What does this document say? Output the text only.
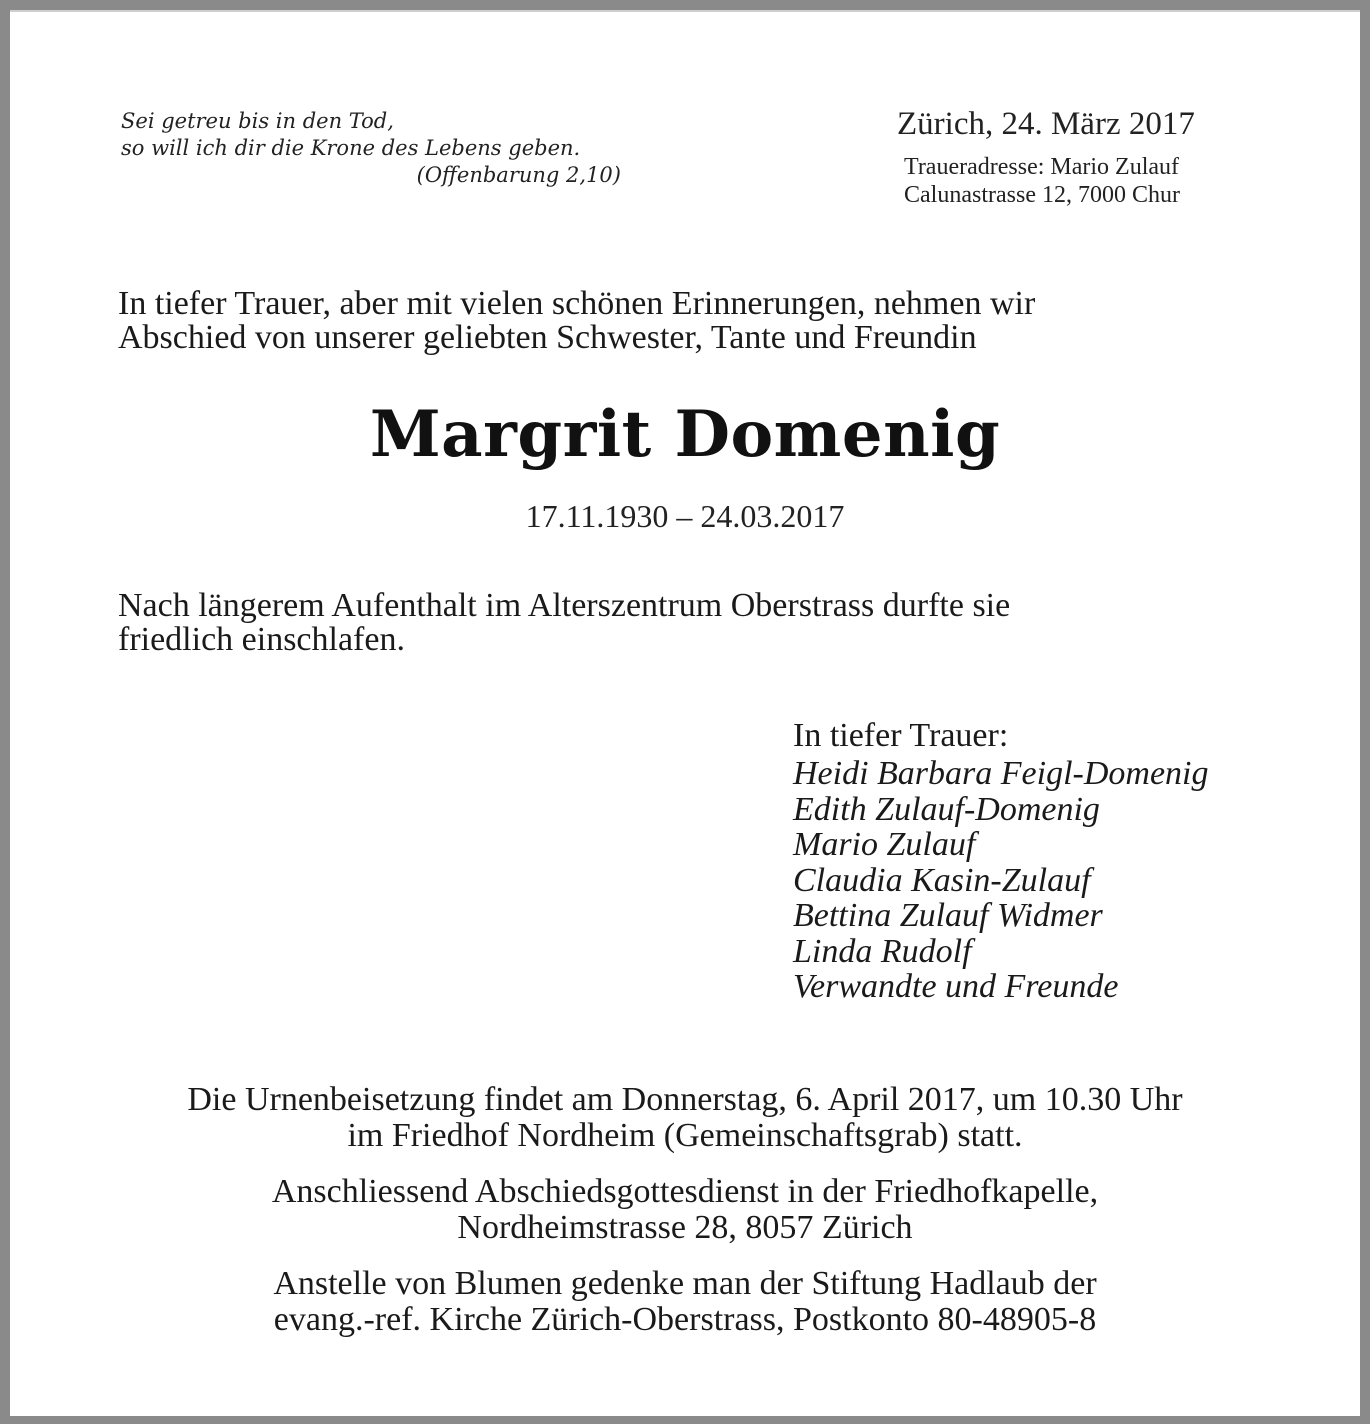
Sei getreu bis in den Tod,
so will ich dir die Krone des Lebens geben.

(Offenbarung 2,10)
Zürich, 24. März 2017
Traueradresse: Mario Zulauf
Calunastrasse 12, 7000 Chur
In tiefer Trauer, aber mit vielen schönen Erinnerungen, nehmen wir
Abschied von unserer geliebten Schwester, Tante und Freundin
Margrit Domenig
17.11.1930 – 24.03.2017
Nach längerem Aufenthalt im Alterszentrum Oberstrass durfte sie
friedlich einschlafen.
In tiefer Trauer:
Heidi Barbara Feigl-Domenig
Edith Zulauf-Domenig
Mario Zulauf
Claudia Kasin-Zulauf
Bettina Zulauf Widmer
Linda Rudolf
Verwandte und Freunde

Die Urnenbeisetzung findet am Donnerstag, 6. April 2017, um 10.30 Uhr
im Friedhof Nordheim (Gemeinschaftsgrab) statt.

Anschliessend Abschiedsgottesdienst in der Friedhofkapelle,
Nordheimstrasse 28, 8057 Zürich

Anstelle von Blumen gedenke man der Stiftung Hadlaub der
evang.-ref. Kirche Zürich-Oberstrass, Postkonto 80-48905-8
